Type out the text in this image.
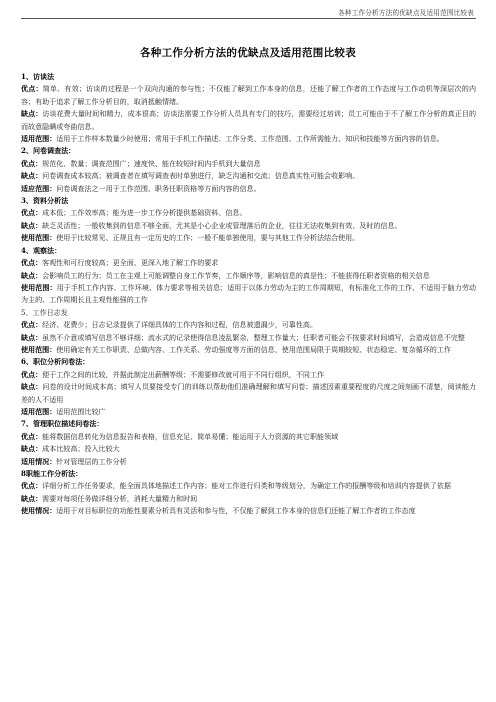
各种工作分析方法的优缺点及适用范围比较表
各种工作分析方法的优缺点及适用范围比较表

1、访谈法

优点：简单、有效；访谈的过程是一个双向沟通的参与性；不仅能了解到工作本身的信息，还能了解工作者的工作态度与工作动机等深层次的内容；有助于追求了解工作分析目的，取消抵触情绪。

缺点：访谈花费大量时间和精力，成本很高；访谈法需要工作分析人员具有专门的技巧，需要经过培训；员工可能由于不了解工作分析的真正目的而故意隐瞒或夸曲信息。

适用范围：适用于工作样本数量少时使用；常用于手机工作描述、工作分类、工作范围、工作所需能力、知识和技能等方面内容的信息。

2、问卷调查法：

优点：规范化、数量；调查范围广；速度快、能在较短时间内手机到大量信息

缺点：问卷调查成本较高；被调查者在填写调查表时单独进行，缺乏沟通和交流；信息真实性可能会收影响。

适应范围：问卷调查法之一用于工作范围、职务任职资格等方面内容的信息。

3、资料分析法

优点：成本低；工作效率高；能为进一步工作分析提供基础资料、信息。

缺点：缺乏灵活性；一般收集到的信息不够全面，尤其是小心企业或管理落后的企业，往往无法收集到有效、及时的信息。

使用范围：使用于比较常见、正规且有一定历史的工作；一般不能单独使用，要与其他工作分析法结合使用。

4、观察法：

优点：客观性和可行度较高；更全面、更深入地了解工作的要求

缺点：会影响员工的行为；员工在主观上可能调整自身工作节奏，工作顺序等，影响信息的真是性；不能获得任职者资格的相关信息

使用范围：用于手机工作内容、工作环境、体力要求等相关信息；适用于以体力劳动为主的工作周期短，有标准化工作的工作、不适用于脑力劳动为主的、工作周期长且主观性能强的工作

5、工作日志发

优点：经济、花费少；日志记录提供了详细具体的工作内容和过程，信息被遗漏少，可靠性高。

缺点：虽然不介意或填写信息不够详细；流水式的记录使得信息凌乱繁杂，整理工作量大；任职者可能会不按要求时间填写，会造成信息不完整

使用范围：使用确定有关工作职责、总做内容、工作关系、劳动强度等方面的信息，使用范围局限于周期较短、状态稳定、复杂循环的工作

6、职位分析问卷法：

优点：便于工作之间的比较，并据此制定出薪酬等级；不需要修改就可用于不同行组织，不同工作

缺点：问卷的设计时间成本高；填写人员要接受专门的训练以帮助他们准确理解和填写问卷；描述因素重要程度的尺度之间刻画不清楚，阅读能力差的人不适用

适用范围：适用范围比较广

7、管理职位描述问卷法：

优点：能将数据信息转化为信息报告和表格，信息充足、简单易懂；能运用于人力资源的其它职能领域

缺点：成本比较高；投入比较大

适用情况：针对管理层的工作分析

8职能工作分析法：

优点：详细分析工作任务要求，能全面具体地描述工作内容；能对工作进行归类和等级划分，为确定工作的报酬等级和培训内容提供了依据

缺点：需要对每项任务做详细分析，消耗大量精力和时间

使用情况：适用于对目标职位的功能性要素分析具有灵活和参与性，不仅能了解到工作本身的信息们还能了解工作者的工作态度
